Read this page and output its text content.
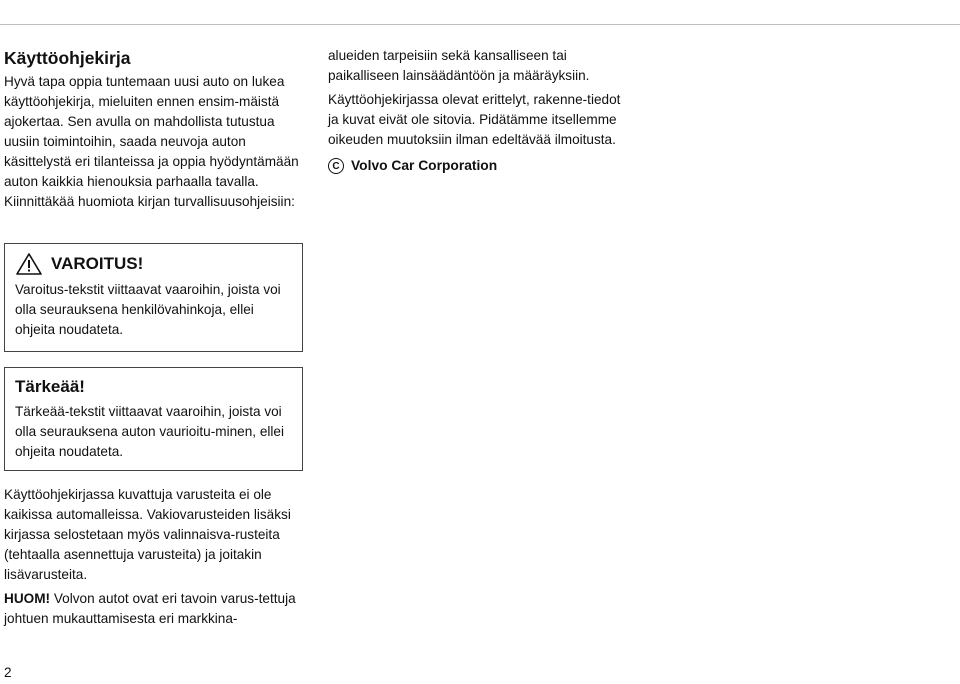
Käyttöohjekirja

Hyvä tapa oppia tuntemaan uusi auto on lukea käyttöohjekirja, mieluiten ennen ensim-mäistä ajokertaa. Sen avulla on mahdollista tutustua uusiin toimintoihin, saada neuvoja auton käsittelystä eri tilanteissa ja oppia hyödyntämään auton kaikkia hienouksia parhaalla tavalla. Kiinnittäkää huomiota kirjan turvallisuusohjeisiin:

alueiden tarpeisiin sekä kansalliseen tai paikalliseen lainsäädäntöön ja määräyksiin.

Käyttöohjekirjassa olevat erittelyt, rakenne-tiedot ja kuvat eivät ole sitovia. Pidätämme itsellemme oikeuden muutoksiin ilman edeltävää ilmoitusta.

C Volvo Car Corporation
VAROITUS!

Varoitus-tekstit viittaavat vaaroihin, joista voi olla seurauksena henkilövahinkoja, ellei ohjeita noudateta.

Tärkeää!

Tärkeää-tekstit viittaavat vaaroihin, joista voi olla seurauksena auton vaurioitu-minen, ellei ohjeita noudateta.

Käyttöohjekirjassa kuvattuja varusteita ei ole kaikissa automalleissa. Vakiovarusteiden lisäksi kirjassa selostetaan myös valinnaisva-rusteita (tehtaalla asennettuja varusteita) ja joitakin lisävarusteita.

HUOM! Volvon autot ovat eri tavoin varus-tettuja johtuen mukauttamisesta eri markkina-

2
